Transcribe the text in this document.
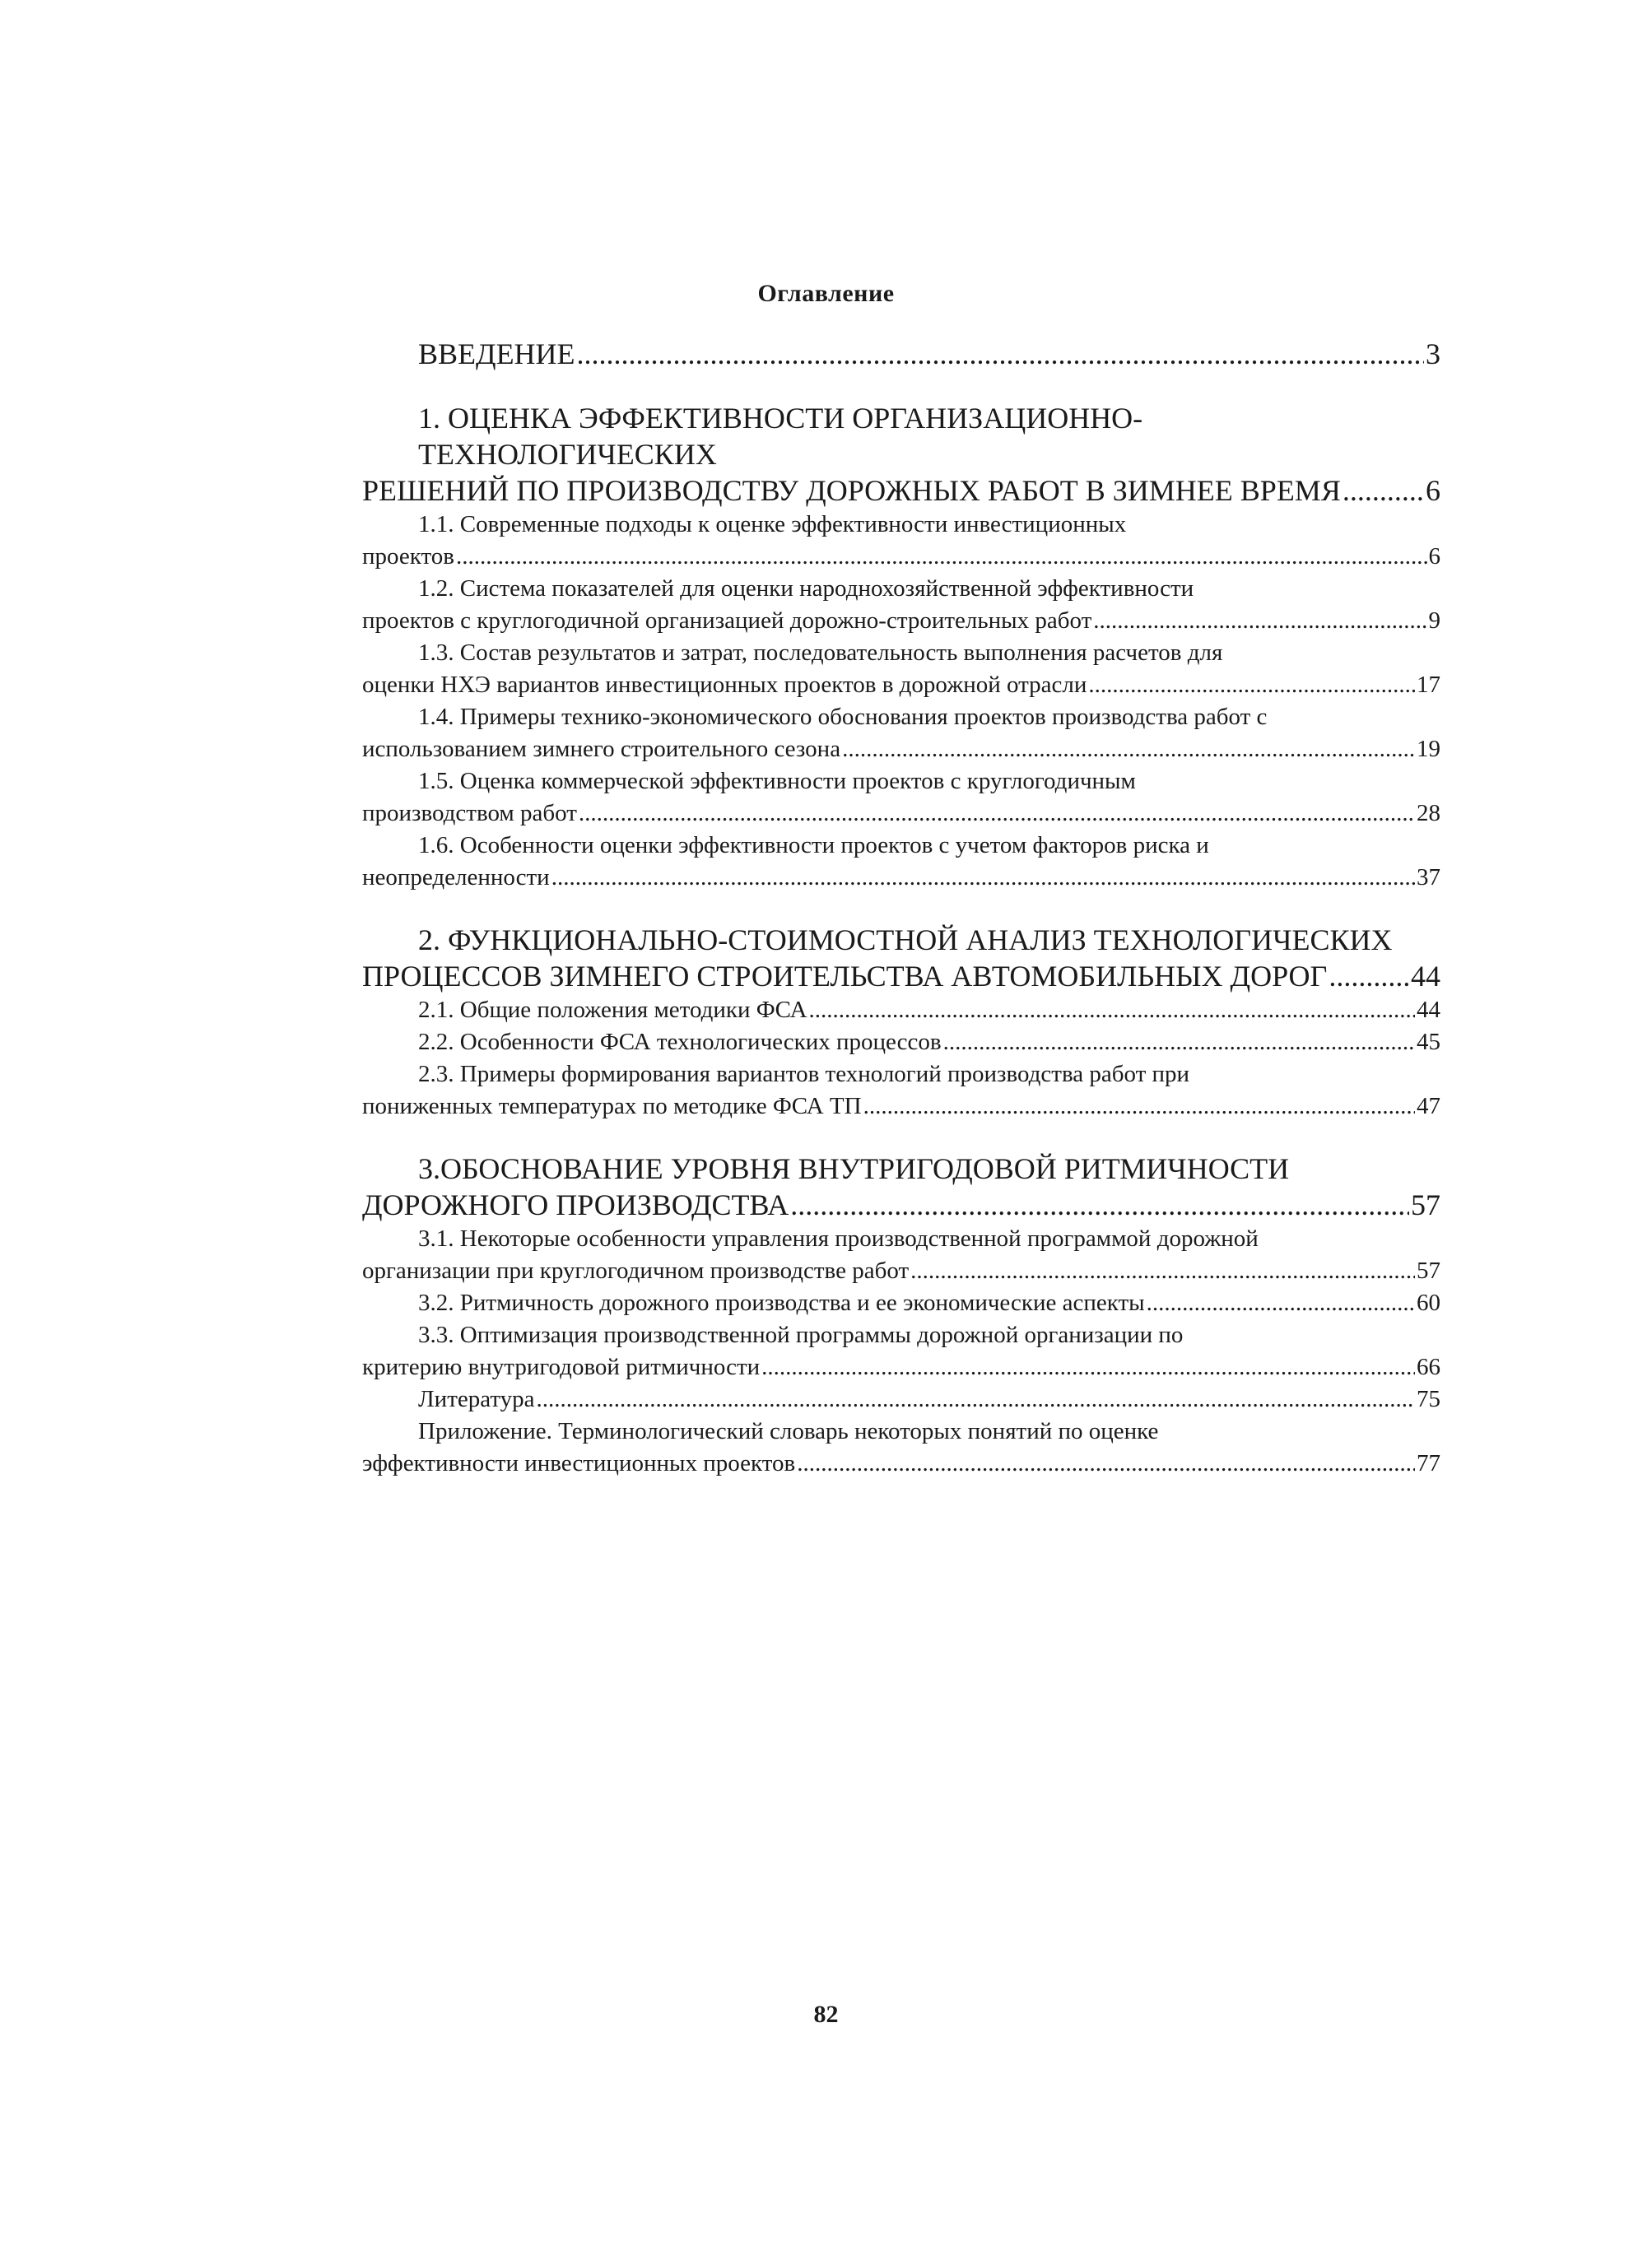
Оглавление
ВВЕДЕНИЕ .....	3
1. ОЦЕНКА ЭФФЕКТИВНОСТИ ОРГАНИЗАЦИОННО-ТЕХНОЛОГИЧЕСКИХ
РЕШЕНИЙ ПО ПРОИЗВОДСТВУ ДОРОЖНЫХ РАБОТ В ЗИМНЕЕ ВРЕМЯ .....	6
1.1. Современные подходы к оценке эффективности инвестиционных
проектов .....	6
1.2. Система показателей для оценки народнохозяйственной эффективности
проектов с круглогодичной организацией дорожно-строительных работ .....	9
1.3. Состав результатов и затрат, последовательность выполнения расчетов для
оценки НХЭ вариантов инвестиционных проектов в дорожной отрасли .....	17
1.4. Примеры технико-экономического обоснования проектов производства работ с
использованием зимнего строительного сезона .....	19
1.5. Оценка коммерческой эффективности проектов с круглогодичным
производством работ .....	28
1.6. Особенности оценки эффективности проектов с учетом факторов риска и
неопределенности .....	37
2. ФУНКЦИОНАЛЬНО-СТОИМОСТНОЙ АНАЛИЗ ТЕХНОЛОГИЧЕСКИХ
ПРОЦЕССОВ ЗИМНЕГО СТРОИТЕЛЬСТВА АВТОМОБИЛЬНЫХ ДОРОГ .....	44
2.1. Общие положения методики ФСА .....	44
2.2. Особенности ФСА технологических процессов .....	45
2.3. Примеры формирования вариантов технологий производства работ при
пониженных температурах по методике ФСА ТП .....	47
3.ОБОСНОВАНИЕ УРОВНЯ ВНУТРИГОДОВОЙ РИТМИЧНОСТИ
ДОРОЖНОГО ПРОИЗВОДСТВА .....	57
3.1. Некоторые особенности управления производственной программой дорожной
организации при круглогодичном производстве работ .....	57
3.2. Ритмичность дорожного производства и ее экономические аспекты .....	60
3.3. Оптимизация производственной программы дорожной организации по
критерию внутригодовой ритмичности .....	66
Литература .....	75
Приложение. Терминологический словарь некоторых понятий по оценке
эффективности инвестиционных проектов .....	77
82
